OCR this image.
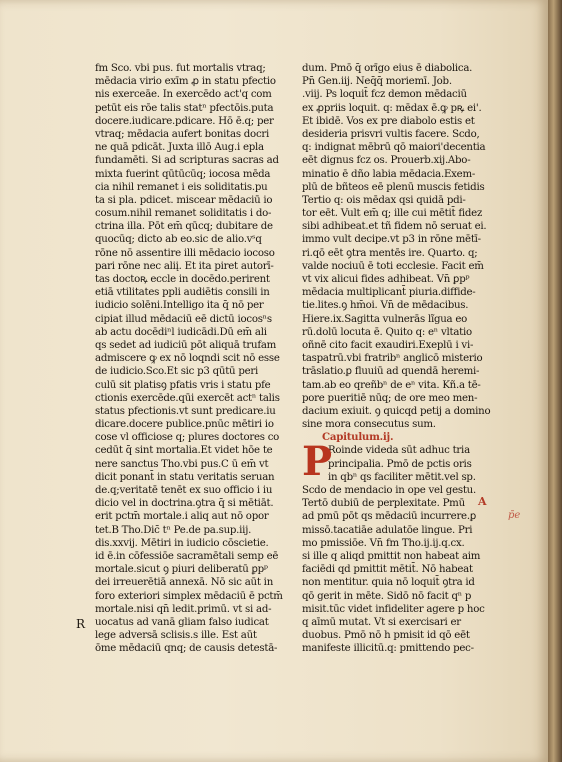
fm Sco. vbi pus. fut mortalis vtraq;
mēdacia virio exīm ꝓ in statu pfectio
nis exerceāe. In exercēdo act'q com
petūt eis rōe talis statⁿ pfectōis.puta
docere.iudicare.pdicare. Hō ē.q; per
vtraq; mēdacia aufert bonitas docri
ne quā pdicāt. Juxta illō Aug.i epla
fundamēti. Si ad scripturas sacras ad
mixta fuerint qūtūcūq; iocosa mēda
cia nihil remanet i eis soliditatis.pu
ta si pla. pdicet. miscear mēdaciū io
cosum.nihil remanet soliditatis i do-
ctrina illa. Pōt em̄ qūcq; dubitare de
quocūq; dicto ab eo.sic de alio.vˢq
rōne nō assentire illi mēdacio iocoso
pari rōne nec aliį. Et ita piret autorī-
tas doctoꝶ eccle in docēdo.perirent
etiā vtilitates ppli audiētis consili in
iudicio solēni.Intelligo ita q̄ nō per
cipiat illud mēdaciū eē dictū iocosⁿs
ab actu docēdiⁿl iudicādi.Dū em̄ ali
qs sedet ad iudiciū pōt aliquā trufam
admiscere ꝙ ex nō loqndi scit nō esse
de iudicio.Sco.Et sic p3 qūtū peri
culū sit platisꝯ pfatis vris i statu pfe
ctionis exercēde.qūi exercēt actⁿ talis
status pfectionis.vt sunt predicare.iu
dicare.docere publice.pnūc mētiri io
cose vl officiose q; plures doctores co
cedūt q̄ sint mortalia.Et videt hōe te
nere sanctus Tho.vbi pus.C ū em̄ vt
dicit ponant̄ in statu veritatis seruan
de.q;veritatē tenēt ex suo officio i iu
dicio vel in doctrina.ꝯtra q̄ si mētiāt.
erit pctm̄ mortale.i aliq aut nō opor
tet.B Tho.Dic̄ tⁿ Pe.de pa.sup.iij.
dis.xxvij. Mētiri in iudicio cōscietie.
id ē.in cōfessiōe sacramētali semp eē
mortale.sicut ꝯ piuri deliberatū ꝑpᵖ
dei irreuerētiā annexā. Nō sic aūt in
foro exteriori simplex mēdaciū ē pctm̄
mortale.nisi qn̄ ledit.primū. vt si ad-
uocatus ad vanā gliam falso iudicat
lege adversā sclisis.s ille. Est aūt
ōme mēdaciū qnq; de causis detestā-
R
dum. Pmō q̄ orīgo eius ē diabolica.
Pn̄ Gen.iij. Neq̄q̄ moriemī. Job.
.viij. Ps loquit̄ fcz demon mēdaciū
ex ꝓpriis loquit. q: mēdax ē.ꝙ pꝶ ei'.
Et ibidē. Vos ex pre diabolo estis et
desideria prisvri vultis facere. Scdo,
q: indignat mēbrū qō maiori'decentia
eēt dignus fcz os. Prouerb.xij.Abo-
minatio ē dño labia mēdacia.Exem-
plū de bñteos eē plenū muscis fetidis
Tertio q: ois mēdax qsi quidā pdi-
tor eēt. Vult em̄ q; ille cui mētit̄ fidez
sibi adhibeat.et tñ fidem nō seruat ei.
immo vult decipe.vt p3 in rōne mētī-
ri.qō eēt ꝯtra mentēs ire. Quarto. q;
valde nociuū ē toti ecclesie. Facit em̄
vt vix alicui fides adhibeat. Vn̄ ꝑpᵖ
mēdacia multiplicant̄ piuria.diffide-
tie.lites.ꝯ hm̄oi. Vn̄ de mēdacibus.
Hiere.ix.Sagitta vulnerās lĩgua eo
rū.dolū locuta ē. Quito q: eⁿ vltatio
oñnē cito facit exaudiri.Exeplū i vi-
taspatrū.vbi fratribⁿ anglicō misterio
trāslatio.ꝑ fluuiū ad quendā heremi-
tam.ab eo qreñbⁿ de eⁿ vita. Kñ.a tē-
pore pueritiē nūq; de ore meo men-
dacium exiuit. ꝯ quicqd petij a domino
sine mora consecutus sum.
Capitulum.ij.
P
Roinde videda sūt adhuc tria
principalia. Pmō de pctis oris
in qbⁿ qs faciliter mētit.vel sp.
Scdo de mendacio in ope vel gestu.
Tertō dubiū de perplexitate. Pmū
ad pmū pōt qs mēdaciū incurrere.ꝑ
missō.tacatiāe adulatōe lingue. Pri
mo pmissiōe. Vn̄ fm Tho.ij.ij.q.cx.
si ille q aliqd pmittit non habeat aim
faciēdi qd pmittit mētit̄. Nō habeat
non mentitur. quia nō loquit̄ ꝯtra id
qō gerit in mēte. Sidō nō facit qⁿ p
misit.tūc videt infideliter agere p hoc
q aīmū mutat. Vt si exercisari er
duobus. Pmō nō h pmisit id qō eēt
manifeste illicitū.q: pmittendo pec-
A
p̄e
